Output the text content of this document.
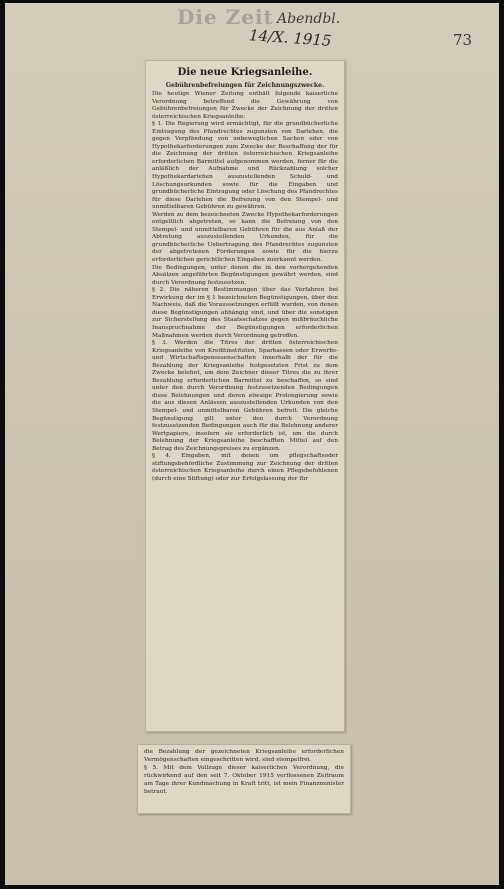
Die Zeit Abendbl.
14/X. 1915	73
Die neue Kriegsanleihe.
Gebührenbefreiungen für Zeichnungszwecke.

Die heutige Wiener Zeitung enthält folgende kaiserliche Verordnung betreffend die Gewährung von Gebührenbefreiungen für Zwecke der Zeichnung der dritten österreichischen Kriegsanleihe:

§ 1. Die Regierung wird ermächtigt, für die grundbücherliche Eintragung des Pfandrechtes zugunsten von Darlehen, die gegen Verpfändung von unbeweglichen Sachen oder von Hypothekarforderungen zum Zwecke der Beschaffung der für die Zeichnung der dritten österreichischen Kriegsanleihe erforderlichen Barmittel aufgenommen werden, ferner für die anläßlich der Aufnahme und Rückzahlung solcher Hypothekardarlehen auszustellenden Schuld- und Löschungsurkunden sowie für die Eingaben und grundbücherliche Eintragung oder Löschung des Pfandrechtes für diese Darlehen die Befreiung von den Stempel- und unmittelbaren Gebühren zu gewähren.

Werden zu dem bezeichneten Zwecke Hypothekarforderungen entgeltlich abgetreten, so kann die Befreiung von den Stempel- und unmittelbaren Gebühren für die aus Anlaß der Abtretung auszustellenden Urkunden, für die grundbücherliche Uebertragung des Pfandrechtes zugunsten der abgetretenen Forderungen sowie für die hierzu erforderlichen gerichtlichen Eingaben zuerkannt werden.

Die Bedingungen, unter denen die in den vorhergehenden Absätzen angeführten Begünstigungen gewährt werden, sind durch Verordnung festzusetzen.

§ 2. Die näheren Bestimmungen über das Verfahren bei Erwirkung der im § 1 bezeichneten Begünstigungen, über den Nachweis, daß die Voraussetzungen erfüllt wurden, von denen diese Begünstigungen abhängig sind, und über die sonstigen zur Sicherstellung des Staatsschatzes gegen mißbräuchliche Inanspruchnahme der Begünstigungen erforderlichen Maßnahmen werden durch Verordnung getroffen.

§ 3. Werden die Titres der dritten österreichischen Kriegsanleihe von Kreditinstituten, Sparkassen oder Erwerbs- und Wirtschaftsgenossenschaften innerhalb der für die Bezahlung der Kriegsanleihe festgesetzten Frist zu dem Zwecke belehnt, um dem Zeichner dieser Titres die zu ihrer Bezahlung erforderlichen Barmittel zu beschaffen, so sind unter den durch Verordnung festzusetzenden Bedingungen diese Belehnungen und deren etwaige Prolongierung sowie die aus diesen Anlässen auszustellenden Urkunden von den Stempel- und unmittelbaren Gebühren befreit. Die gleiche Begünstigung gilt unter den durch Verordnung festzusetzenden Bedingungen auch für die Belehnung anderer Wertpapiere, insofern sie erforderlich ist, um die durch Belehnung der Kriegsanleihe beschafften Mittel auf den Betrag des Zeichnungspreises zu ergänzen.

§ 4. Eingaben, mit denen um pflegschaftsoder stiftungsbehördliche Zustimmung zur Zeichnung der dritten österreichischen Kriegsanleihe durch einen Pflegebefohlenen (durch eine Stiftung) oder zur Erfolgslassung der für

die Bezahlung der gezeichneten Kriegsanleihe erforderlichen Vermögenschaften eingeschritten wird, sind stempelfrei.

§ 5. Mit dem Vollzuge dieser kaiserlichen Verordnung, die rückwirkend auf den seit 7. Oktober 1915 verflossenen Zeitraum am Tage ihrer Kundmachung in Kraft tritt, ist mein Finanzminister betraut.
